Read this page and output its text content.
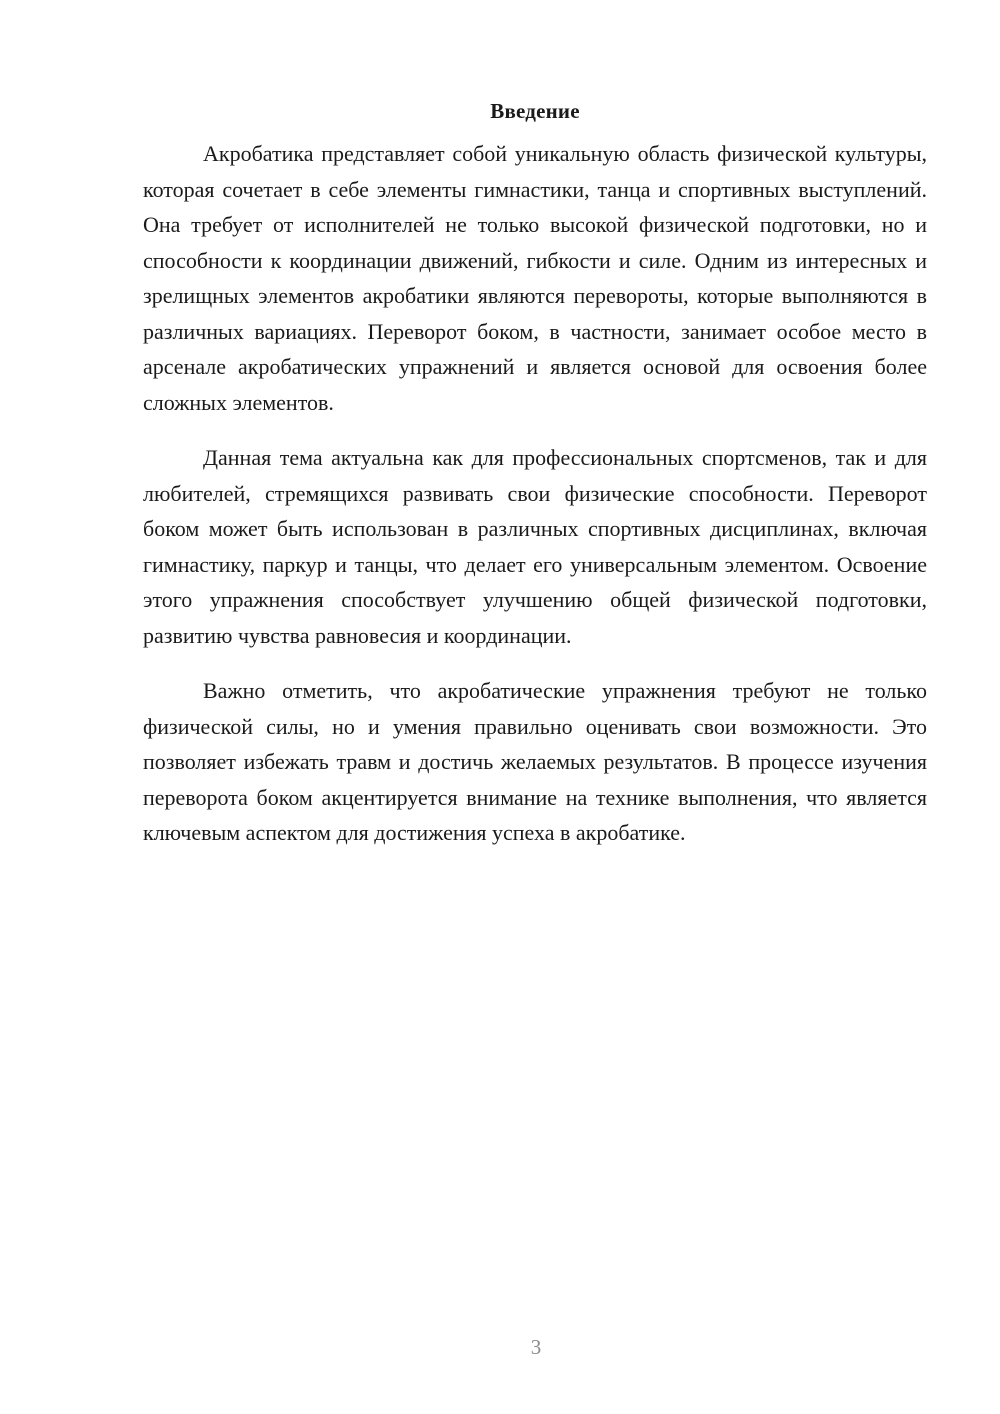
Введение

Акробатика представляет собой уникальную область физической культуры, которая сочетает в себе элементы гимнастики, танца и спортивных выступлений. Она требует от исполнителей не только высокой физической подготовки, но и способности к координации движений, гибкости и силе. Одним из интересных и зрелищных элементов акробатики являются перевороты, которые выполняются в различных вариациях. Переворот боком, в частности, занимает особое место в арсенале акробатических упражнений и является основой для освоения более сложных элементов.

Данная тема актуальна как для профессиональных спортсменов, так и для любителей, стремящихся развивать свои физические способности. Переворот боком может быть использован в различных спортивных дисциплинах, включая гимнастику, паркур и танцы, что делает его универсальным элементом. Освоение этого упражнения способствует улучшению общей физической подготовки, развитию чувства равновесия и координации.

Важно отметить, что акробатические упражнения требуют не только физической силы, но и умения правильно оценивать свои возможности. Это позволяет избежать травм и достичь желаемых результатов. В процессе изучения переворота боком акцентируется внимание на технике выполнения, что является ключевым аспектом для достижения успеха в акробатике.

3
